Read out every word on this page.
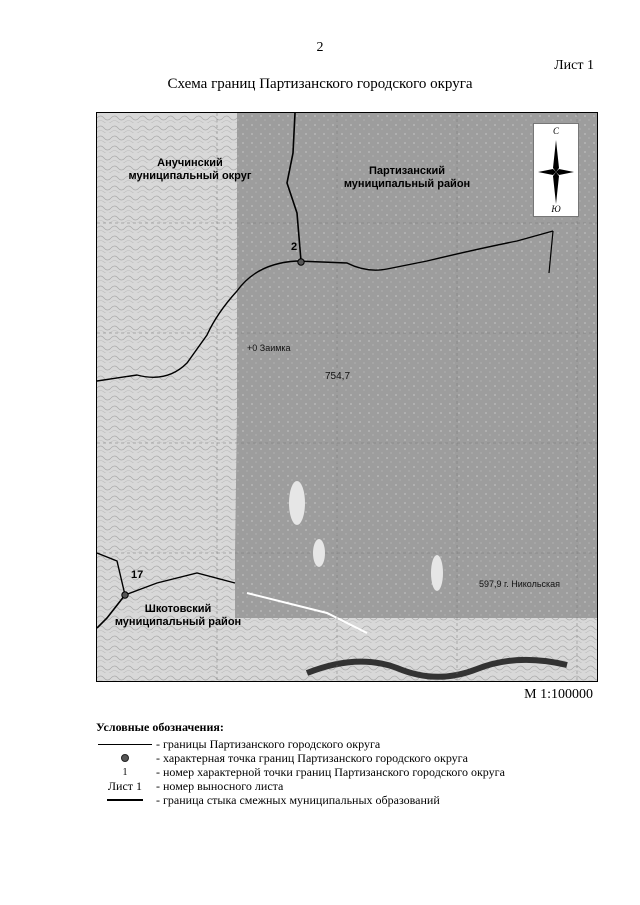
2
Лист 1
Схема границ Партизанского городского округа
Анучинский муниципальный округ	Партизанский муниципальный район
Шкотовский муниципальный район
2
17
754,7
+0 Заимка
597,9 г. Никольская
С
Ю
М 1:100000
Условные обозначения:
- границы Партизанского городского округа
- характерная точка границ Партизанского городского округа
1	- номер характерной точки границ Партизанского городского округа
Лист 1	- номер выносного листа
- граница стыка смежных муниципальных образований
